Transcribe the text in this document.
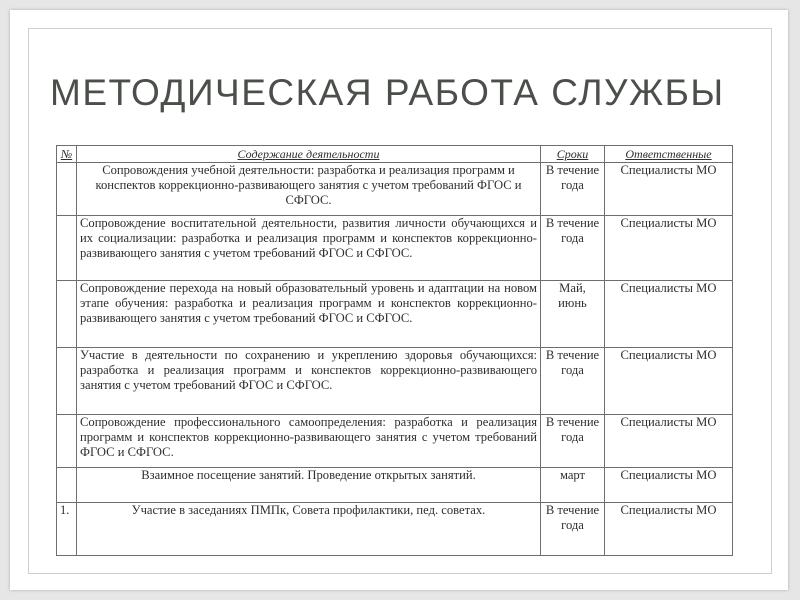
МЕТОДИЧЕСКАЯ РАБОТА СЛУЖБЫ
№	Содержание деятельности	Сроки	Ответственные
	Сопровождения учебной деятельности: разработка и реализация программ и конспектов коррекционно-развивающего занятия с учетом требований ФГОС и СФГОС.	В течение года	Специалисты МО
	Сопровождение воспитательной деятельности, развития личности обучающихся и их социализации: разработка и реализация программ и конспектов коррекционно-развивающего занятия с учетом требований ФГОС и СФГОС.	В течение года	Специалисты МО
	Сопровождение перехода на новый образовательный уровень и адаптации на новом этапе обучения: разработка и реализация программ и конспектов коррекционно-развивающего занятия с учетом требований ФГОС и СФГОС.	Май, июнь	Специалисты МО
	Участие в деятельности по сохранению и укреплению здоровья обучающихся: разработка и реализация программ и конспектов коррекционно-развивающего занятия с учетом требований ФГОС и СФГОС.	В течение года	Специалисты МО
	Сопровождение профессионального самоопределения: разработка и реализация программ и конспектов коррекционно-развивающего занятия с учетом требований ФГОС и СФГОС.	В течение года	Специалисты МО
	Взаимное посещение занятий. Проведение открытых занятий.	март	Специалисты МО
1.	Участие в заседаниях ПМПк, Совета профилактики, пед. советах.	В течение года	Специалисты МО
